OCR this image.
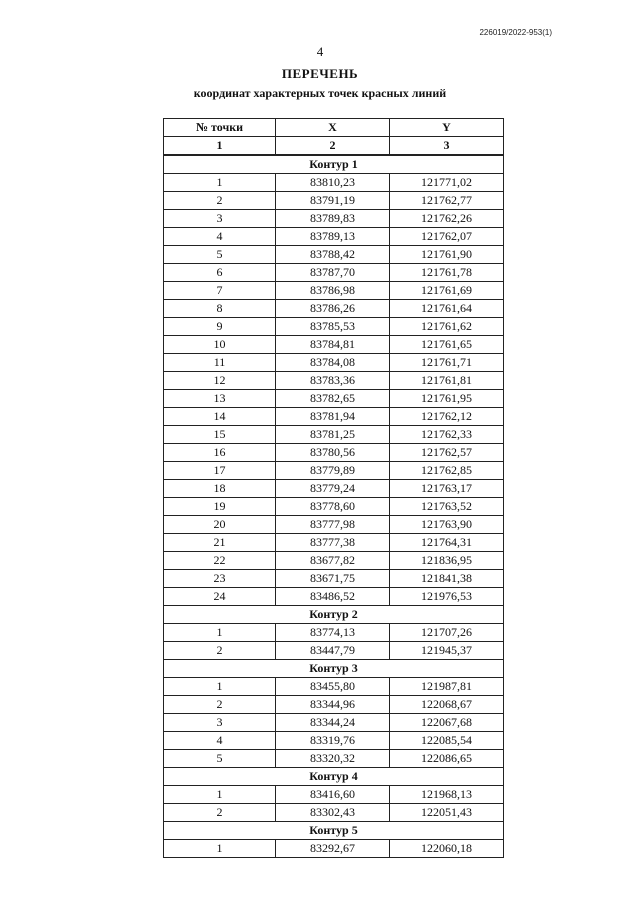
226019/2022-953(1)
4
ПЕРЕЧЕНЬ
координат характерных точек красных линий
№ точки	X	Y
1	2	3
Контур 1		
1	83810,23	121771,02
2	83791,19	121762,77
3	83789,83	121762,26
4	83789,13	121762,07
5	83788,42	121761,90
6	83787,70	121761,78
7	83786,98	121761,69
8	83786,26	121761,64
9	83785,53	121761,62
10	83784,81	121761,65
11	83784,08	121761,71
12	83783,36	121761,81
13	83782,65	121761,95
14	83781,94	121762,12
15	83781,25	121762,33
16	83780,56	121762,57
17	83779,89	121762,85
18	83779,24	121763,17
19	83778,60	121763,52
20	83777,98	121763,90
21	83777,38	121764,31
22	83677,82	121836,95
23	83671,75	121841,38
24	83486,52	121976,53
Контур 2		
1	83774,13	121707,26
2	83447,79	121945,37
Контур 3		
1	83455,80	121987,81
2	83344,96	122068,67
3	83344,24	122067,68
4	83319,76	122085,54
5	83320,32	122086,65
Контур 4		
1	83416,60	121968,13
2	83302,43	122051,43
Контур 5		
1	83292,67	122060,18
